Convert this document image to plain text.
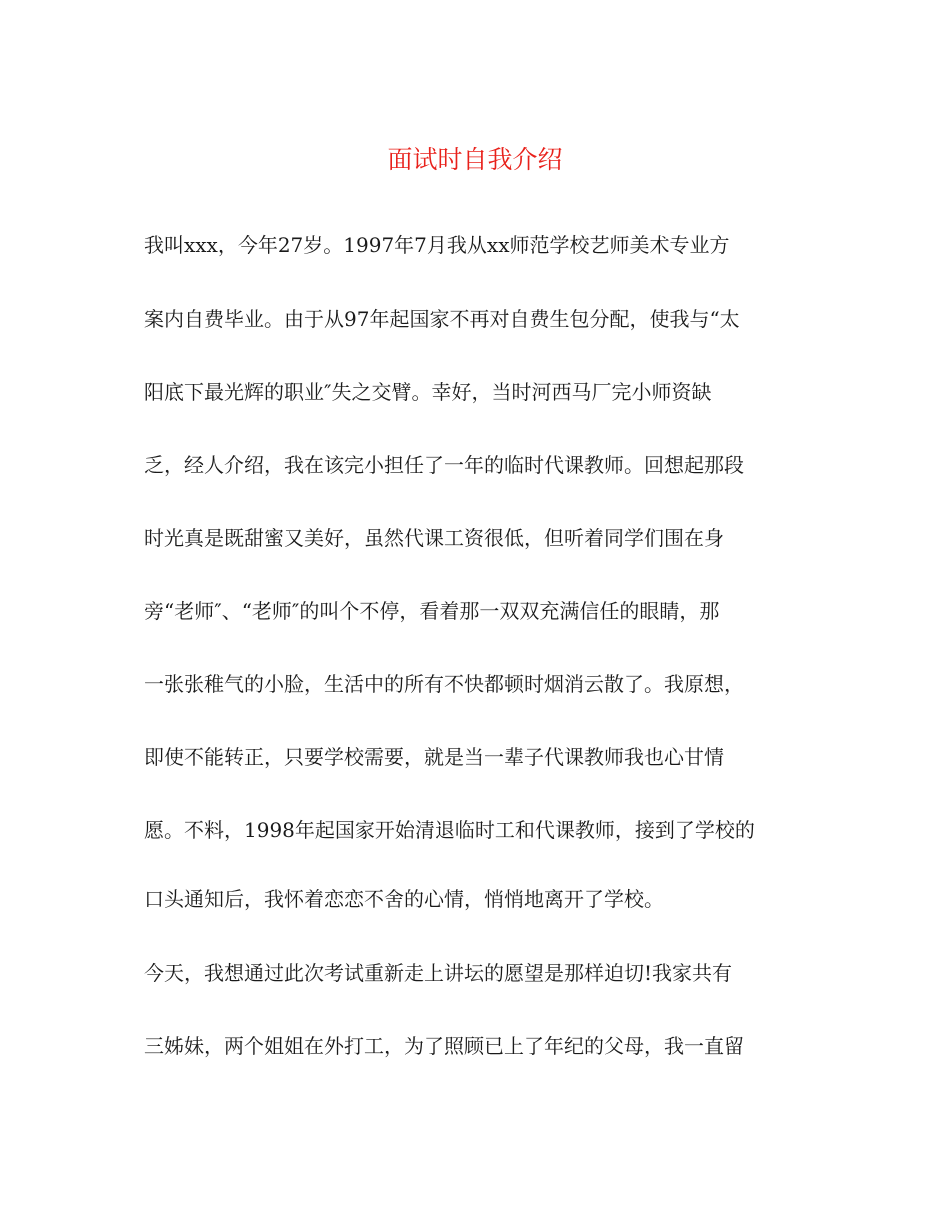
面试时自我介绍

我叫xxx，今年27岁。1997年7月我从xx师范学校艺师美术专业方

案内自费毕业。由于从97年起国家不再对自费生包分配，使我与“太

阳底下最光辉的职业″失之交臂。幸好，当时河西马厂完小师资缺

乏，经人介绍，我在该完小担任了一年的临时代课教师。回想起那段

时光真是既甜蜜又美好，虽然代课工资很低，但听着同学们围在身

旁“老师″、“老师″的叫个不停，看着那一双双充满信任的眼睛，那

一张张稚气的小脸，生活中的所有不快都顿时烟消云散了。我原想，

即使不能转正，只要学校需要，就是当一辈子代课教师我也心甘情

愿。不料，1998年起国家开始清退临时工和代课教师，接到了学校的

口头通知后，我怀着恋恋不舍的心情，悄悄地离开了学校。

今天，我想通过此次考试重新走上讲坛的愿望是那样迫切!我家共有

三姊妹，两个姐姐在外打工，为了照顾已上了年纪的父母，我一直留
